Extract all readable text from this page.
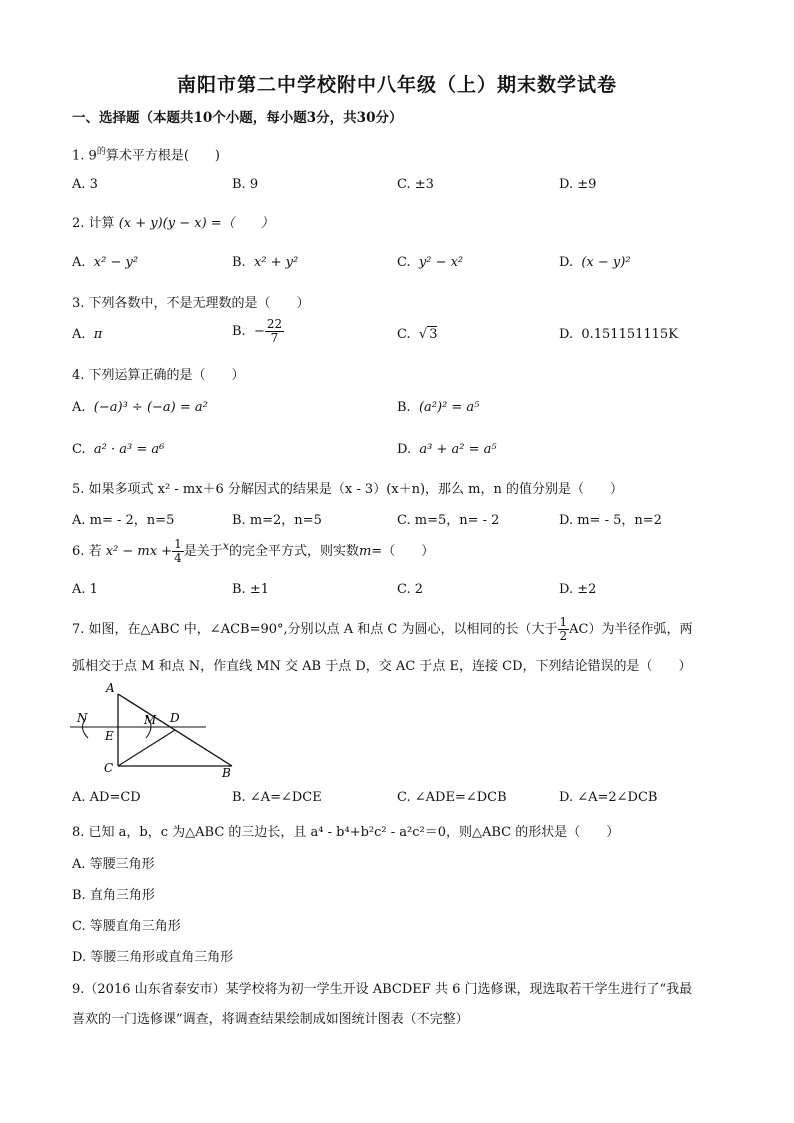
南阳市第二中学校附中八年级（上）期末数学试卷
一、选择题（本题共10个小题，每小题3分，共30分）
1. $9^的$算术平方根是(　　)
A. 3	B. 9	C. ±3	D. ±9
2. 计算 (x + y)(y − x) =（　　）
A. x² − y²	B. x² + y²	C. y² − x²	D. (x − y)²
3. 下列各数中，不是无理数的是（　　）
A. π	B. − $\frac{22}{7}$	C. √ 3	D. 0.151151115K
4. 下列运算正确的是（　　）
A. (−a)³ ÷ (−a) = a²	B. (a²)² = a⁵
C. a² · a³ = a⁶	D. a³ + a² = a⁵
5. 如果多项式 x² - mx＋6 分解因式的结果是（x - 3）(x＋n)，那么 m，n 的值分别是（　　）
A. m= - 2，n=5	B. m=2，n=5	C. m=5，n= - 2	D. m= - 5，n=2
6. 若 x² − mx + $\frac{1}{4}$ 是关于$^x$的完全平方式，则实数m=（　　）
A. 1	B. ±1	C. 2	D. ±2
7. 如图，在△ABC 中，∠ACB=90°,分别以点 A 和点 C 为圆心，以相同的长（大于 $\frac{1}{2} AC$）为半径作弧，两
弧相交于点 M 和点 N，作直线 MN 交 AB 于点 D，交 AC 于点 E，连接 CD，下列结论错误的是（　　）
A
N	M D
E
C	B
A. AD=CD	B. ∠A=∠DCE	C. ∠ADE=∠DCB	D. ∠A=2∠DCB
8. 已知 a，b，c 为△ABC 的三边长，且 a⁴ - b⁴+b²c² - a²c²＝0，则△ABC 的形状是（　　）
A. 等腰三角形
B. 直角三角形
C. 等腰直角三角形
D. 等腰三角形或直角三角形
9.（2016 山东省泰安市）某学校将为初一学生开设 ABCDEF 共 6 门选修课，现选取若干学生进行了“我最
喜欢的一门选修课”调查，将调查结果绘制成如图统计图表（不完整）
